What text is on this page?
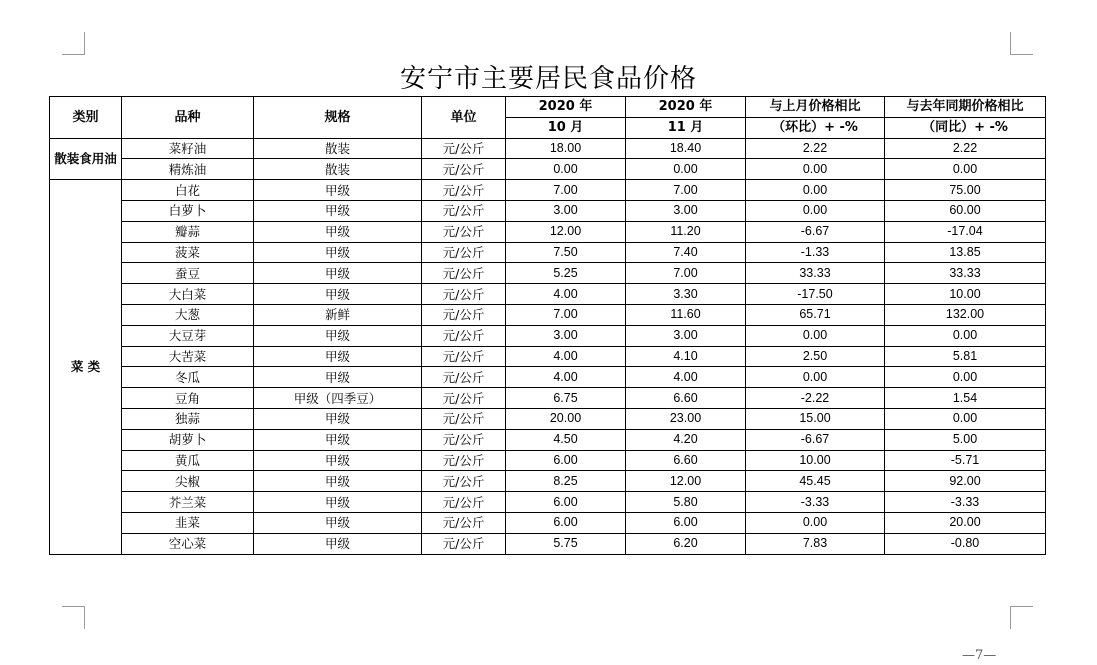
安宁市主要居民食品价格
类别	品种	规格	单位	2020 年	2020 年	与上月价格相比	与去年同期价格相比
				10 月	11 月	（环比）+ -%	（同比）+ -%
散装食用油	菜籽油	散装	元/公斤	18.00	18.40	2.22	2.22
	精炼油	散装	元/公斤	0.00	0.00	0.00	0.00
菜 类	白花	甲级	元/公斤	7.00	7.00	0.00	75.00
	白萝卜	甲级	元/公斤	3.00	3.00	0.00	60.00
	瓣蒜	甲级	元/公斤	12.00	11.20	-6.67	-17.04
	菠菜	甲级	元/公斤	7.50	7.40	-1.33	13.85
	蚕豆	甲级	元/公斤	5.25	7.00	33.33	33.33
	大白菜	甲级	元/公斤	4.00	3.30	-17.50	10.00
	大葱	新鲜	元/公斤	7.00	11.60	65.71	132.00
	大豆芽	甲级	元/公斤	3.00	3.00	0.00	0.00
	大苦菜	甲级	元/公斤	4.00	4.10	2.50	5.81
	冬瓜	甲级	元/公斤	4.00	4.00	0.00	0.00
	豆角	甲级（四季豆）	元/公斤	6.75	6.60	-2.22	1.54
	独蒜	甲级	元/公斤	20.00	23.00	15.00	0.00
	胡萝卜	甲级	元/公斤	4.50	4.20	-6.67	5.00
	黄瓜	甲级	元/公斤	6.00	6.60	10.00	-5.71
	尖椒	甲级	元/公斤	8.25	12.00	45.45	92.00
	芥兰菜	甲级	元/公斤	6.00	5.80	-3.33	-3.33
	韭菜	甲级	元/公斤	6.00	6.00	0.00	20.00
	空心菜	甲级	元/公斤	5.75	6.20	7.83	-0.80
—7—
